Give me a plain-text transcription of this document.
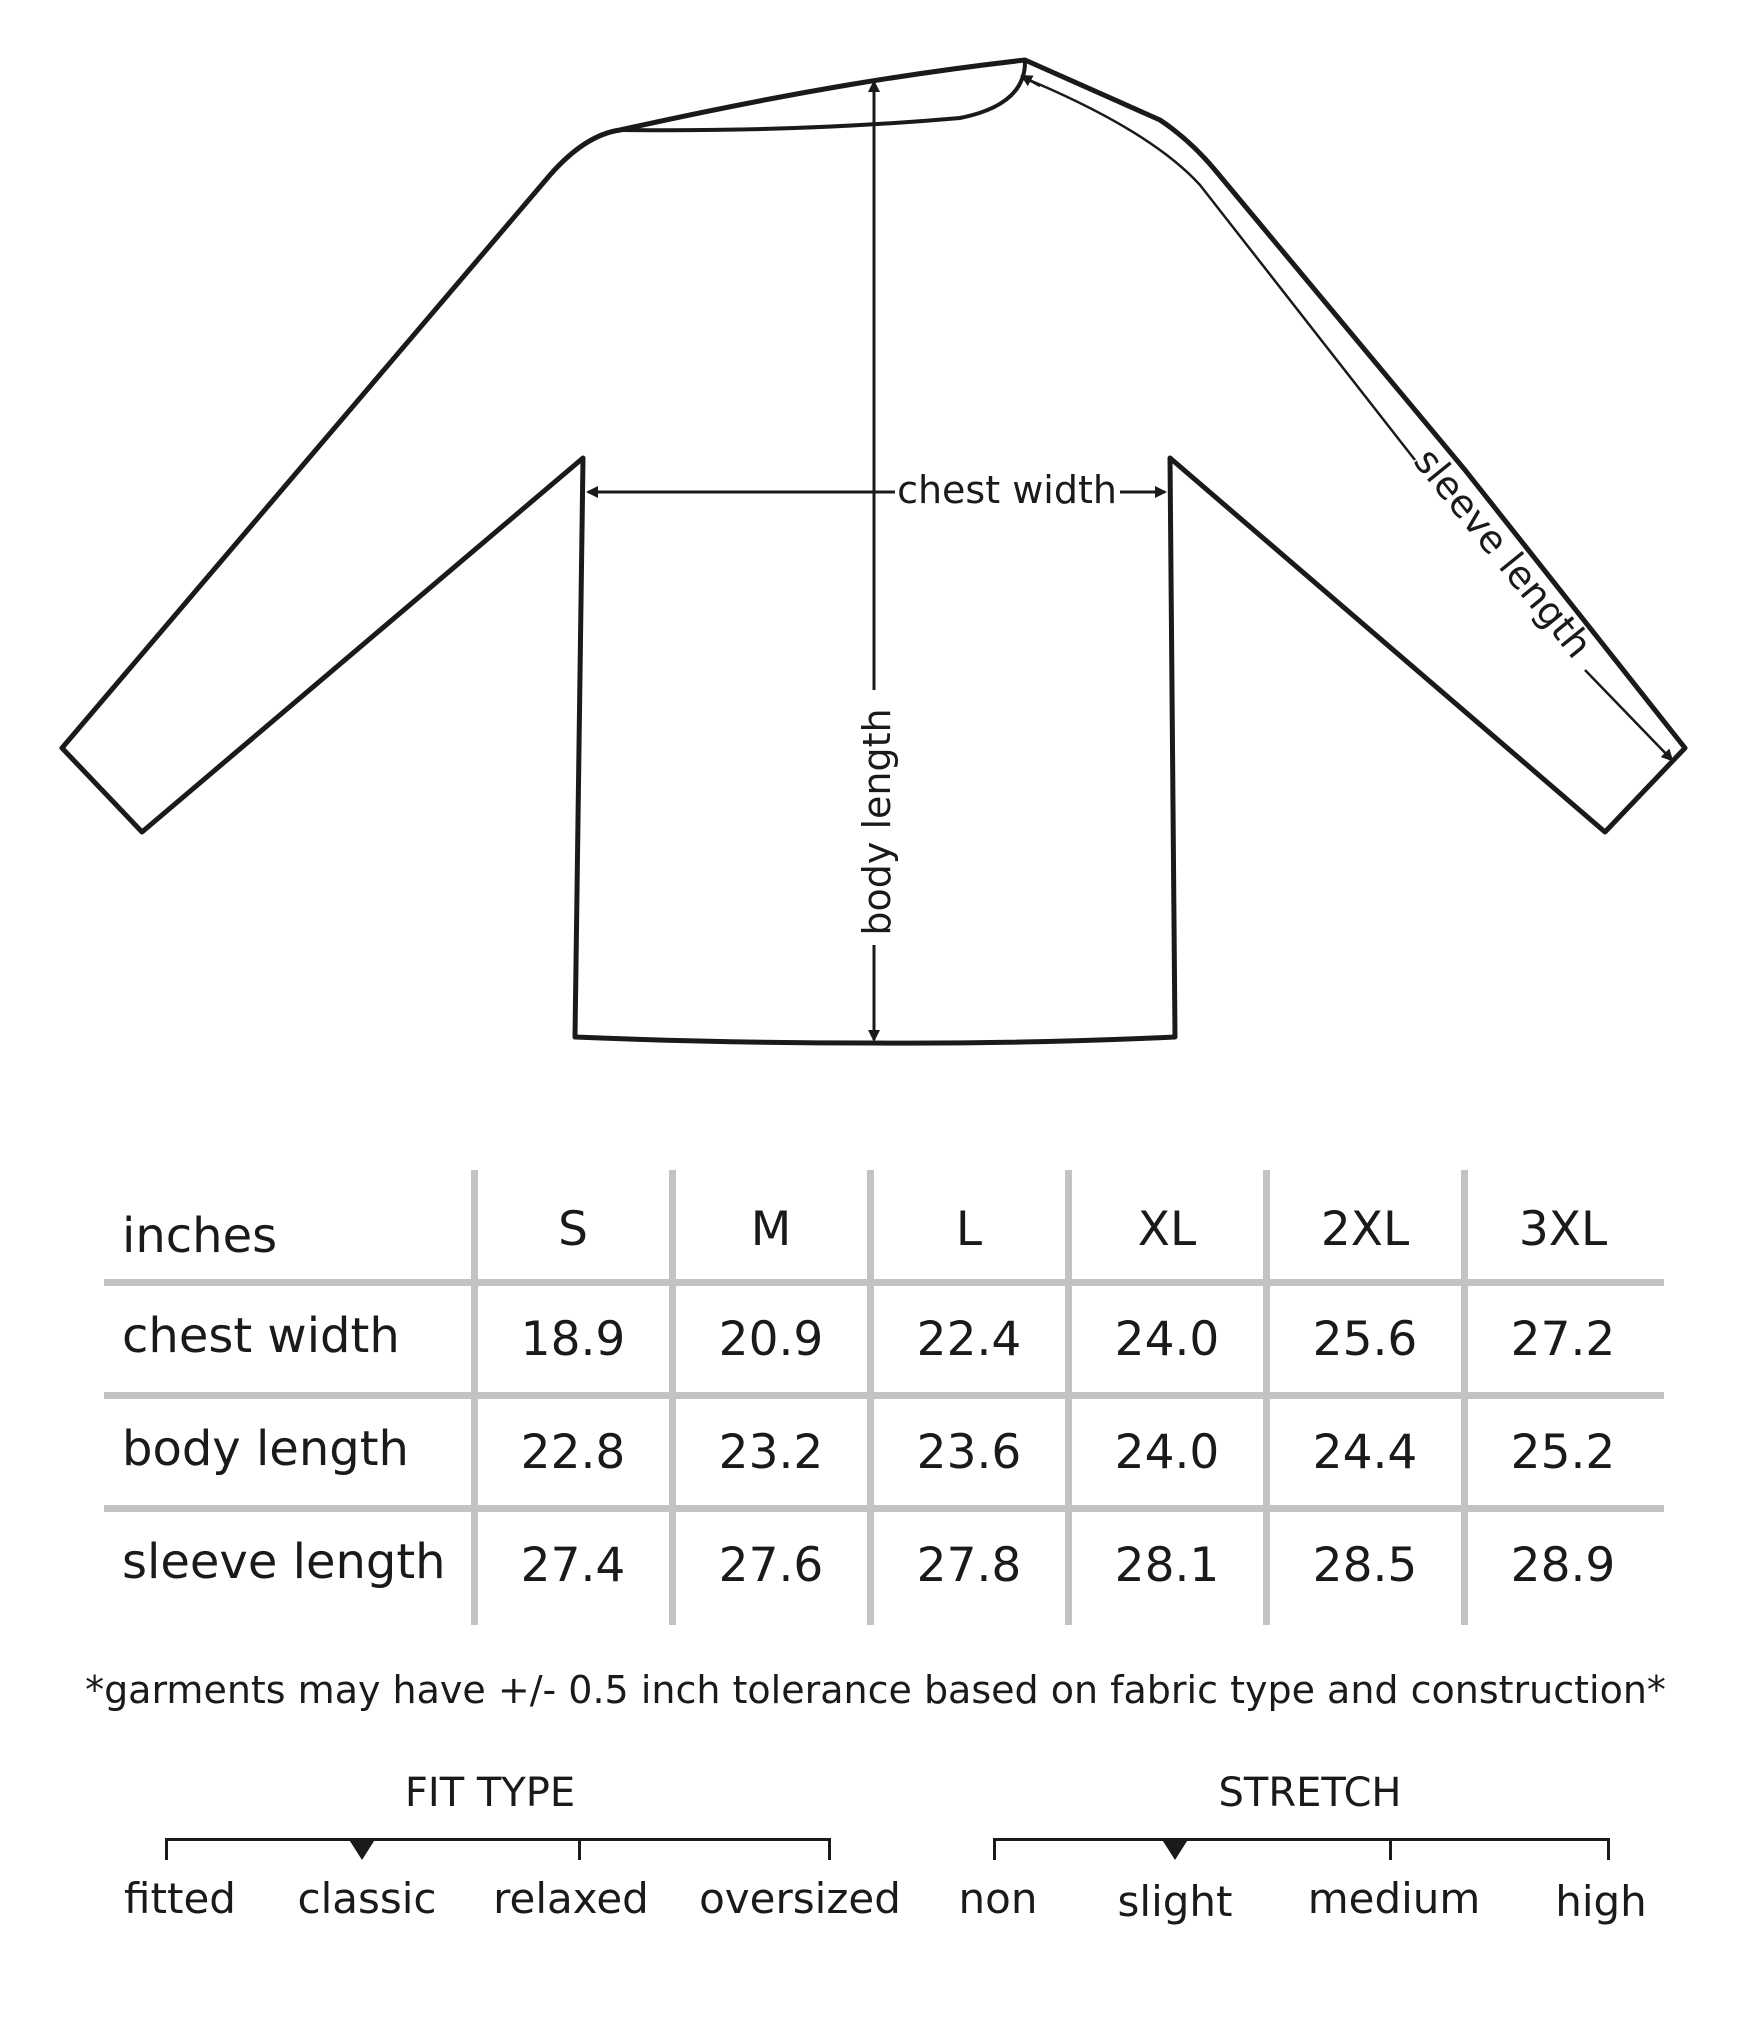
chest width
body length
sleeve length
inches	S	M	L	XL	2XL	3XL
chest width	18.9	20.9	22.4	24.0	25.6	27.2
body length	22.8	23.2	23.6	24.0	24.4	25.2
sleeve length	27.4	27.6	27.8	28.1	28.5	28.9
*garments may have +/- 0.5 inch tolerance based on fabric type and construction*
FIT TYPE
fitted	classic	relaxed	oversized
STRETCH
non	slight	medium	high
